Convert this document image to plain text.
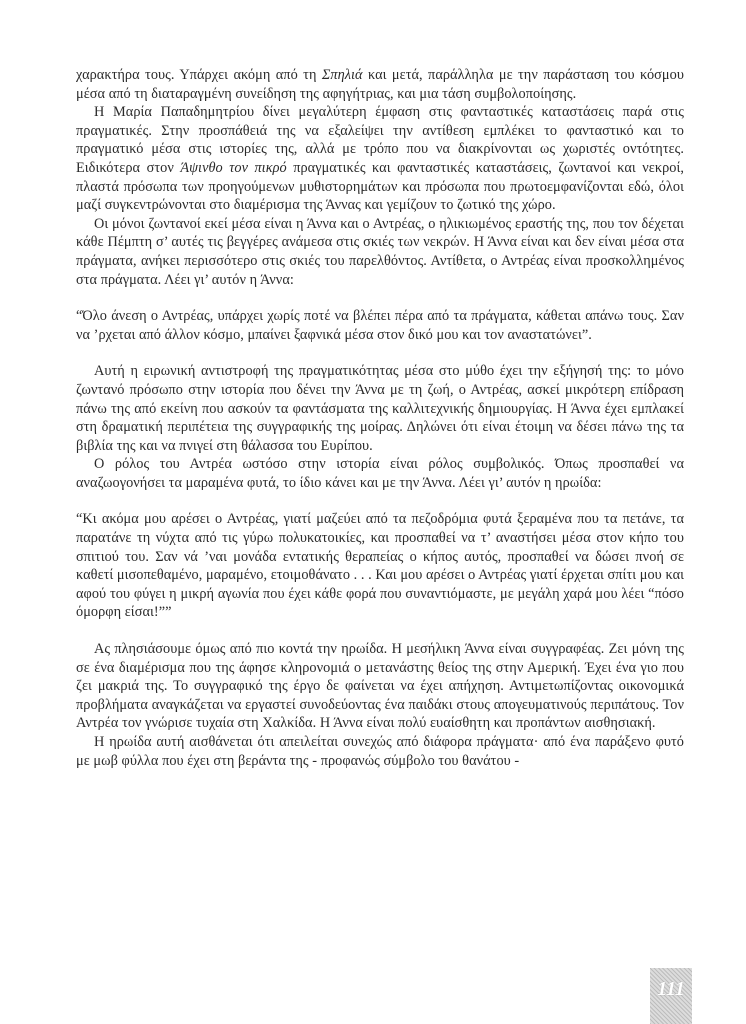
χαρακτήρα τους. Υπάρχει ακόμη από τη Σπηλιά και μετά, παράλληλα με την παράσταση του κόσμου μέσα από τη διαταραγμένη συνείδηση της αφηγήτριας, και μια τάση συμβολοποίησης.

Η Μαρία Παπαδημητρίου δίνει μεγαλύτερη έμφαση στις φανταστικές καταστάσεις παρά στις πραγματικές. Στην προσπάθειά της να εξαλείψει την αντίθεση εμπλέκει το φανταστικό και το πραγματικό μέσα στις ιστορίες της, αλλά με τρόπο που να διακρίνονται ως χωριστές οντότητες. Ειδικότερα στον Άψινθο τον πικρό πραγματικές και φανταστικές καταστάσεις, ζωντανοί και νεκροί, πλαστά πρόσωπα των προηγούμενων μυθιστορημάτων και πρόσωπα που πρωτοεμφανίζονται εδώ, όλοι μαζί συγκεντρώνονται στο διαμέρισμα της Άννας και γεμίζουν το ζωτικό της χώρο.

Οι μόνοι ζωντανοί εκεί μέσα είναι η Άννα και ο Αντρέας, ο ηλικιωμένος εραστής της, που τον δέχεται κάθε Πέμπτη σ’ αυτές τις βεγγέρες ανάμεσα στις σκιές των νεκρών. Η Άννα είναι και δεν είναι μέσα στα πράγματα, ανήκει περισσότερο στις σκιές του παρελθόντος. Αντίθετα, ο Αντρέας είναι προσκολλημένος στα πράγματα. Λέει γι’ αυτόν η Άννα:

“Όλο άνεση ο Αντρέας, υπάρχει χωρίς ποτέ να βλέπει πέρα από τα πράγματα, κάθεται απάνω τους. Σαν να ’ρχεται από άλλον κόσμο, μπαίνει ξαφνικά μέσα στον δικό μου και τον αναστατώνει”.

Αυτή η ειρωνική αντιστροφή της πραγματικότητας μέσα στο μύθο έχει την εξήγησή της: το μόνο ζωντανό πρόσωπο στην ιστορία που δένει την Άννα με τη ζωή, ο Αντρέας, ασκεί μικρότερη επίδραση πάνω της από εκείνη που ασκούν τα φαντάσματα της καλλιτεχνικής δημιουργίας. Η Άννα έχει εμπλακεί στη δραματική περιπέτεια της συγγραφικής της μοίρας. Δηλώνει ότι είναι έτοιμη να δέσει πάνω της τα βιβλία της και να πνιγεί στη θάλασσα του Ευρίπου.

Ο ρόλος του Αντρέα ωστόσο στην ιστορία είναι ρόλος συμβολικός. Όπως προσπαθεί να αναζωογονήσει τα μαραμένα φυτά, το ίδιο κάνει και με την Άννα. Λέει γι’ αυτόν η ηρωίδα:

“Κι ακόμα μου αρέσει ο Αντρέας, γιατί μαζεύει από τα πεζοδρόμια φυτά ξεραμένα που τα πετάνε, τα παρατάνε τη νύχτα από τις γύρω πολυκατοικίες, και προσπαθεί να τ’ αναστήσει μέσα στον κήπο του σπιτιού του. Σαν νά ’ναι μονάδα εντατικής θεραπείας ο κήπος αυτός, προσπαθεί να δώσει πνοή σε καθετί μισοπεθαμένο, μαραμένο, ετοιμοθάνατο . . . Και μου αρέσει ο Αντρέας γιατί έρχεται σπίτι μου και αφού του φύγει η μικρή αγωνία που έχει κάθε φορά που συναντιόμαστε, με μεγάλη χαρά μου λέει “πόσο όμορφη είσαι!””

Ας πλησιάσουμε όμως από πιο κοντά την ηρωίδα. Η μεσήλικη Άννα είναι συγγραφέας. Ζει μόνη της σε ένα διαμέρισμα που της άφησε κληρονομιά ο μετανάστης θείος της στην Αμερική. Έχει ένα γιο που ζει μακριά της. Το συγγραφικό της έργο δε φαίνεται να έχει απήχηση. Αντιμετωπίζοντας οικονομικά προβλήματα αναγκάζεται να εργαστεί συνοδεύοντας ένα παιδάκι στους απογευματινούς περιπάτους. Τον Αντρέα τον γνώρισε τυχαία στη Χαλκίδα. Η Άννα είναι πολύ ευαίσθητη και προπάντων αισθησιακή.

Η ηρωίδα αυτή αισθάνεται ότι απειλείται συνεχώς από διάφορα πράγματα· από ένα παράξενο φυτό με μωβ φύλλα που έχει στη βεράντα της - προφανώς σύμβολο του θανάτου -

111
